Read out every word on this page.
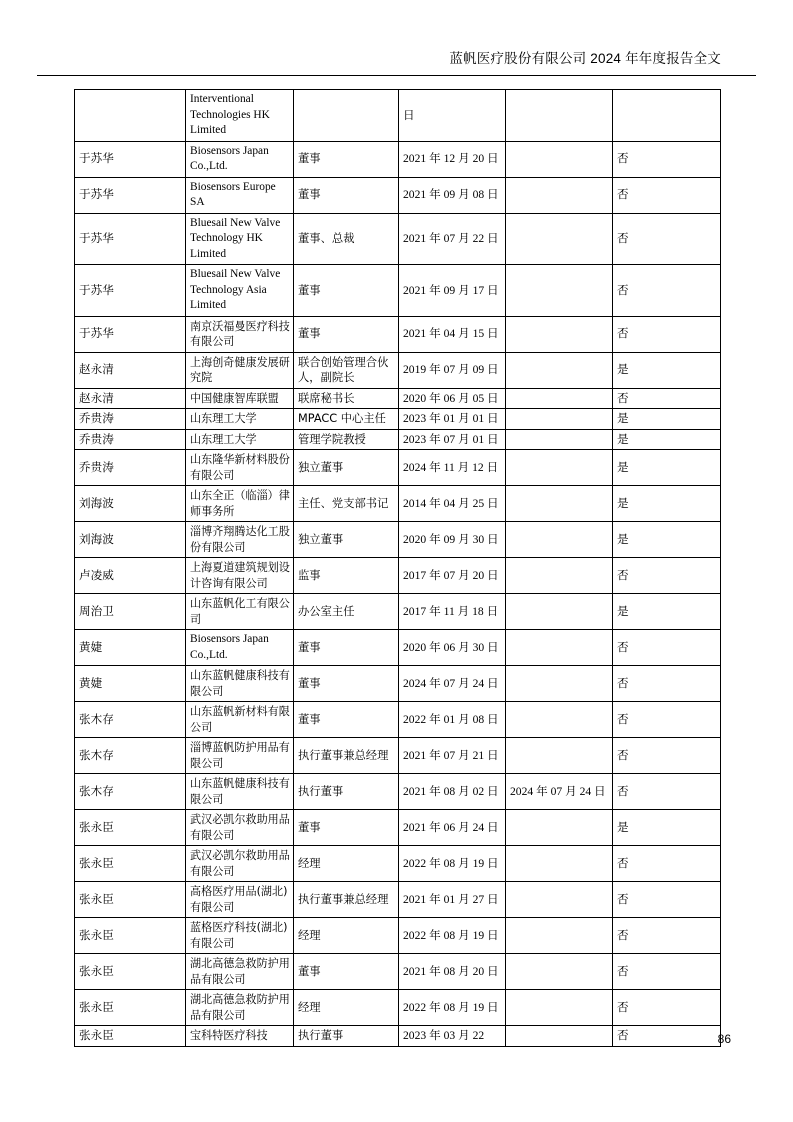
蓝帆医疗股份有限公司 2024 年年度报告全文
	Interventional Technologies HK Limited		日		
于苏华	Biosensors Japan Co.,Ltd.	董事	2021 年 12 月 20 日		否
于苏华	Biosensors Europe SA	董事	2021 年 09 月 08 日		否
于苏华	Bluesail New Valve Technology HK Limited	董事、总裁	2021 年 07 月 22 日		否
于苏华	Bluesail New Valve Technology Asia Limited	董事	2021 年 09 月 17 日		否
于苏华	南京沃福曼医疗科技有限公司	董事	2021 年 04 月 15 日		否
赵永清	上海创奇健康发展研究院	联合创始管理合伙人，副院长	2019 年 07 月 09 日		是
赵永清	中国健康智库联盟	联席秘书长	2020 年 06 月 05 日		否
乔贵涛	山东理工大学	MPACC 中心主任	2023 年 01 月 01 日		是
乔贵涛	山东理工大学	管理学院教授	2023 年 07 月 01 日		是
乔贵涛	山东隆华新材料股份有限公司	独立董事	2024 年 11 月 12 日		是
刘海波	山东全正（临淄）律师事务所	主任、党支部书记	2014 年 04 月 25 日		是
刘海波	淄博齐翔腾达化工股份有限公司	独立董事	2020 年 09 月 30 日		是
卢凌威	上海夏道建筑规划设计咨询有限公司	监事	2017 年 07 月 20 日		否
周治卫	山东蓝帆化工有限公司	办公室主任	2017 年 11 月 18 日		是
黄婕	Biosensors Japan Co.,Ltd.	董事	2020 年 06 月 30 日		否
黄婕	山东蓝帆健康科技有限公司	董事	2024 年 07 月 24 日		否
张木存	山东蓝帆新材料有限公司	董事	2022 年 01 月 08 日		否
张木存	淄博蓝帆防护用品有限公司	执行董事兼总经理	2021 年 07 月 21 日		否
张木存	山东蓝帆健康科技有限公司	执行董事	2021 年 08 月 02 日	2024 年 07 月 24 日	否
张永臣	武汉必凯尔救助用品有限公司	董事	2021 年 06 月 24 日		是
张永臣	武汉必凯尔救助用品有限公司	经理	2022 年 08 月 19 日		否
张永臣	高格医疗用品(湖北)有限公司	执行董事兼总经理	2021 年 01 月 27 日		否
张永臣	蓝格医疗科技(湖北)有限公司	经理	2022 年 08 月 19 日		否
张永臣	湖北高德急救防护用品有限公司	董事	2021 年 08 月 20 日		否
张永臣	湖北高德急救防护用品有限公司	经理	2022 年 08 月 19 日		否
张永臣	宝科特医疗科技	执行董事	2023 年 03 月 22		否	86
